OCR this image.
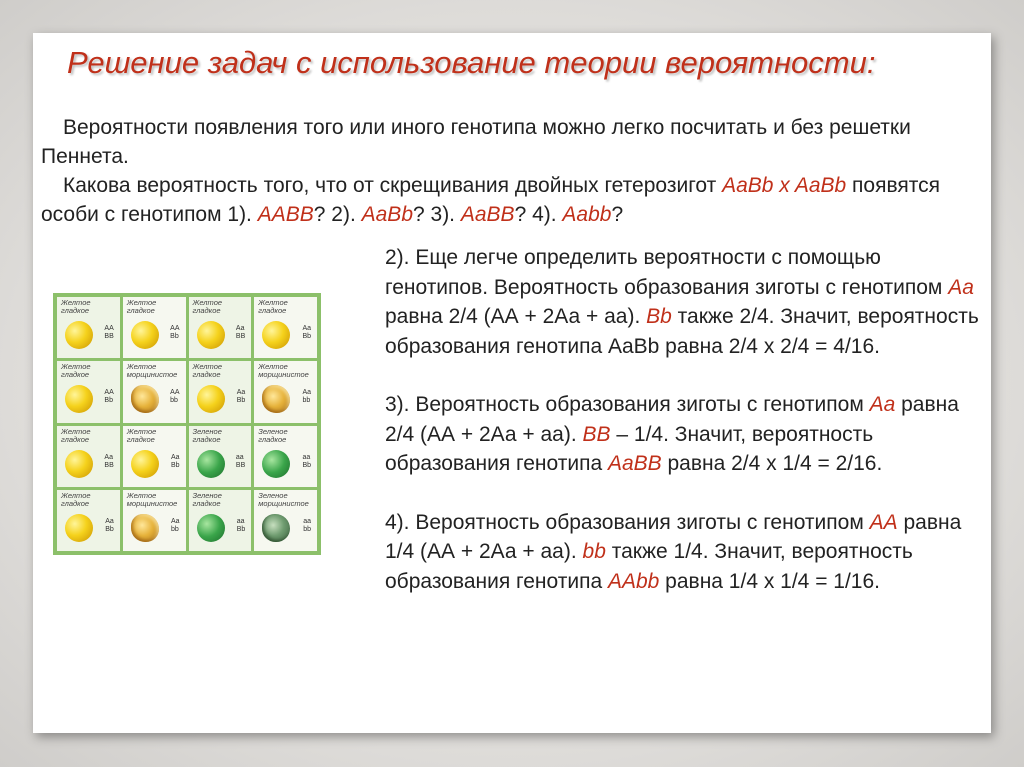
Решение задач с использование теории вероятности:

Вероятности появления того или иного генотипа можно легко посчитать и без решетки Пеннета.

Какова вероятность того, что от скрещивания двойных гетерозигот AaBb x AaBb появятся особи с генотипом 1). AABB? 2). AaBb? 3). AaBB? 4). Aabb?

Желтое гладкое
AA
BB
Желтое гладкое
AA
Bb
Желтое гладкое
Aa
BB
Желтое гладкое
Aa
Bb
Желтое гладкое
AA
Bb
Желтое морщинистое
AA
bb
Желтое гладкое
Aa
Bb
Желтое морщинистое
Aa
bb
Желтое гладкое
Aa
BB
Желтое гладкое
Aa
Bb
Зеленое гладкое
aa
BB
Зеленое гладкое
aa
Bb
Желтое гладкое
Aa
Bb
Желтое морщинистое
Aa
bb
Зеленое гладкое
aa
Bb
Зеленое морщинистое
aa
bb
2). Еще легче определить вероятности с помощью генотипов. Вероятность образования зиготы с генотипом Aa равна 2/4 (АА + 2Аа + аа). Bb также 2/4. Значит, вероятность образования генотипа AaBb равна 2/4 х 2/4 = 4/16.
3). Вероятность образования зиготы с генотипом Аа равна 2/4 (АА + 2Аа + аа). ВВ – 1/4. Значит, вероятность образования генотипа AaBB равна 2/4 х 1/4 = 2/16.
4). Вероятность образования зиготы с генотипом АА равна 1/4 (АА + 2Аа + аа). bb также 1/4. Значит, вероятность образования генотипа AAbb равна 1/4 х 1/4 = 1/16.
